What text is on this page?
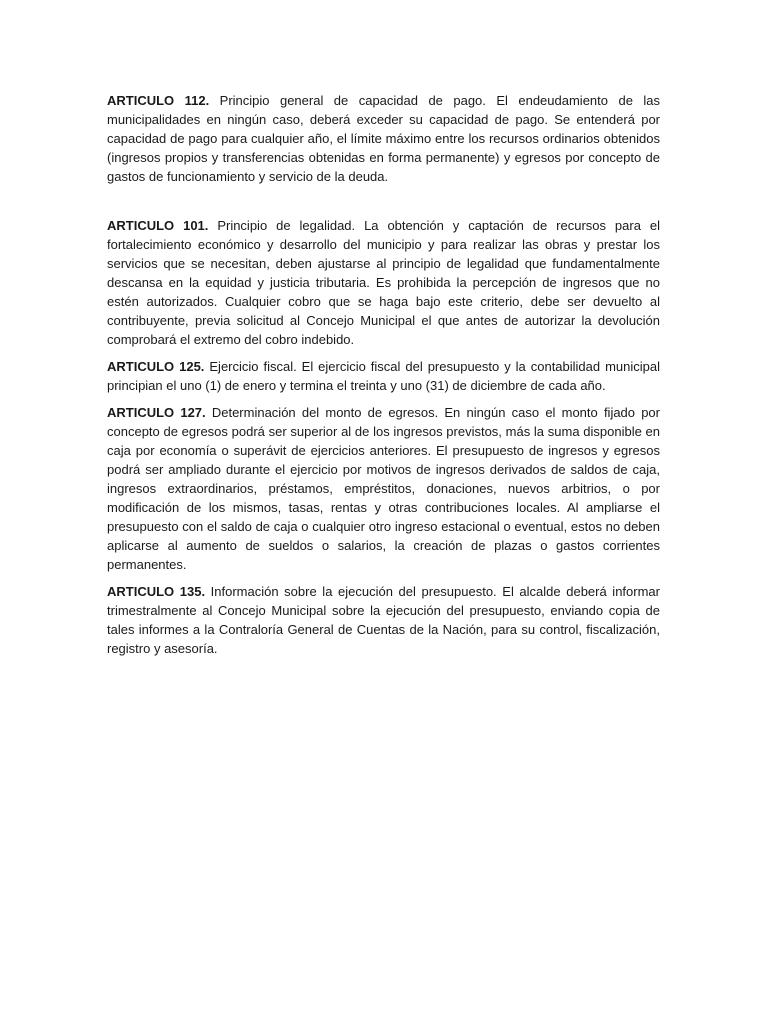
ARTICULO 112. Principio general de capacidad de pago. El endeudamiento de las municipalidades en ningún caso, deberá exceder su capacidad de pago. Se entenderá por capacidad de pago para cualquier año, el límite máximo entre los recursos ordinarios obtenidos (ingresos propios y transferencias obtenidas en forma permanente) y egresos por concepto de gastos de funcionamiento y servicio de la deuda.

ARTICULO 101. Principio de legalidad. La obtención y captación de recursos para el fortalecimiento económico y desarrollo del municipio y para realizar las obras y prestar los servicios que se necesitan, deben ajustarse al principio de legalidad que fundamentalmente descansa en la equidad y justicia tributaria. Es prohibida la percepción de ingresos que no estén autorizados. Cualquier cobro que se haga bajo este criterio, debe ser devuelto al contribuyente, previa solicitud al Concejo Municipal el que antes de autorizar la devolución comprobará el extremo del cobro indebido.

ARTICULO 125. Ejercicio fiscal. El ejercicio fiscal del presupuesto y la contabilidad municipal principian el uno (1) de enero y termina el treinta y uno (31) de diciembre de cada año.

ARTICULO 127. Determinación del monto de egresos. En ningún caso el monto fijado por concepto de egresos podrá ser superior al de los ingresos previstos, más la suma disponible en caja por economía o superávit de ejercicios anteriores. El presupuesto de ingresos y egresos podrá ser ampliado durante el ejercicio por motivos de ingresos derivados de saldos de caja, ingresos extraordinarios, préstamos, empréstitos, donaciones, nuevos arbitrios, o por modificación de los mismos, tasas, rentas y otras contribuciones locales. Al ampliarse el presupuesto con el saldo de caja o cualquier otro ingreso estacional o eventual, estos no deben aplicarse al aumento de sueldos o salarios, la creación de plazas o gastos corrientes permanentes.

ARTICULO 135. Información sobre la ejecución del presupuesto. El alcalde deberá informar trimestralmente al Concejo Municipal sobre la ejecución del presupuesto, enviando copia de tales informes a la Contraloría General de Cuentas de la Nación, para su control, fiscalización, registro y asesoría.
